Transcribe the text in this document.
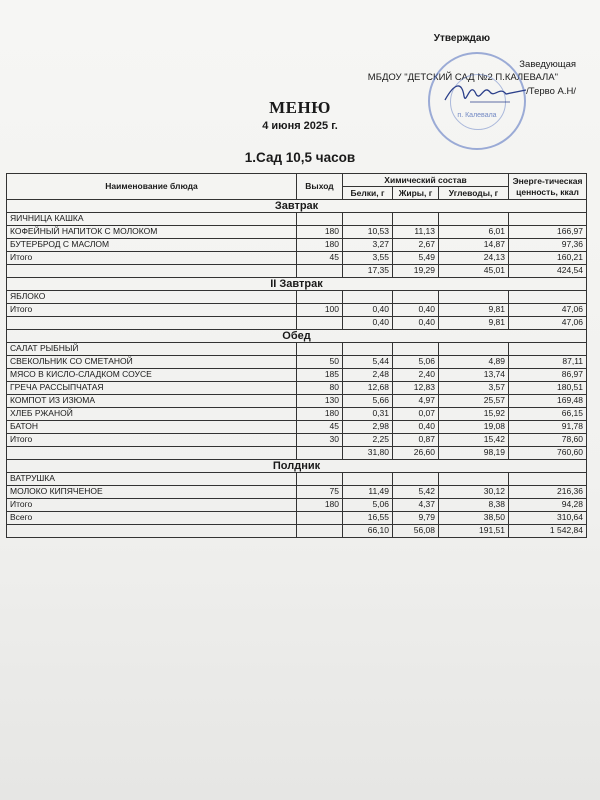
Утверждаю
Заведующая
МБДОУ "ДЕТСКИЙ САД №2 П.КАЛЕВАЛА"
/Терво А.Н/
п. Калевала
МЕНЮ
4 июня 2025 г.
1.Сад 10,5 часов
Наименование блюда	Выход	Химический состав			Энерге-тическая ценность, ккал
		Белки, г	Жиры, г	Углеводы, г	
Завтрак					
ЯИЧНИЦА КАШКА					
КОФЕЙНЫЙ НАПИТОК С МОЛОКОМ	180	10,53	11,13	6,01	166,97
БУТЕРБРОД С МАСЛОМ	180	3,27	2,67	14,87	97,36
Итого	45	3,55	5,49	24,13	160,21
		17,35	19,29	45,01	424,54
II Завтрак					
ЯБЛОКО					
Итого	100	0,40	0,40	9,81	47,06
		0,40	0,40	9,81	47,06
Обед					
САЛАТ РЫБНЫЙ					
СВЕКОЛЬНИК СО СМЕТАНОЙ	50	5,44	5,06	4,89	87,11
МЯСО В КИСЛО-СЛАДКОМ СОУСЕ	185	2,48	2,40	13,74	86,97
ГРЕЧА РАССЫПЧАТАЯ	80	12,68	12,83	3,57	180,51
КОМПОТ ИЗ ИЗЮМА	130	5,66	4,97	25,57	169,48
ХЛЕБ РЖАНОЙ	180	0,31	0,07	15,92	66,15
БАТОН	45	2,98	0,40	19,08	91,78
Итого	30	2,25	0,87	15,42	78,60
		31,80	26,60	98,19	760,60
Полдник					
ВАТРУШКА					
МОЛОКО КИПЯЧЕНОЕ	75	11,49	5,42	30,12	216,36
Итого	180	5,06	4,37	8,38	94,28
Всего		16,55	9,79	38,50	310,64
		66,10	56,08	191,51	1 542,84
